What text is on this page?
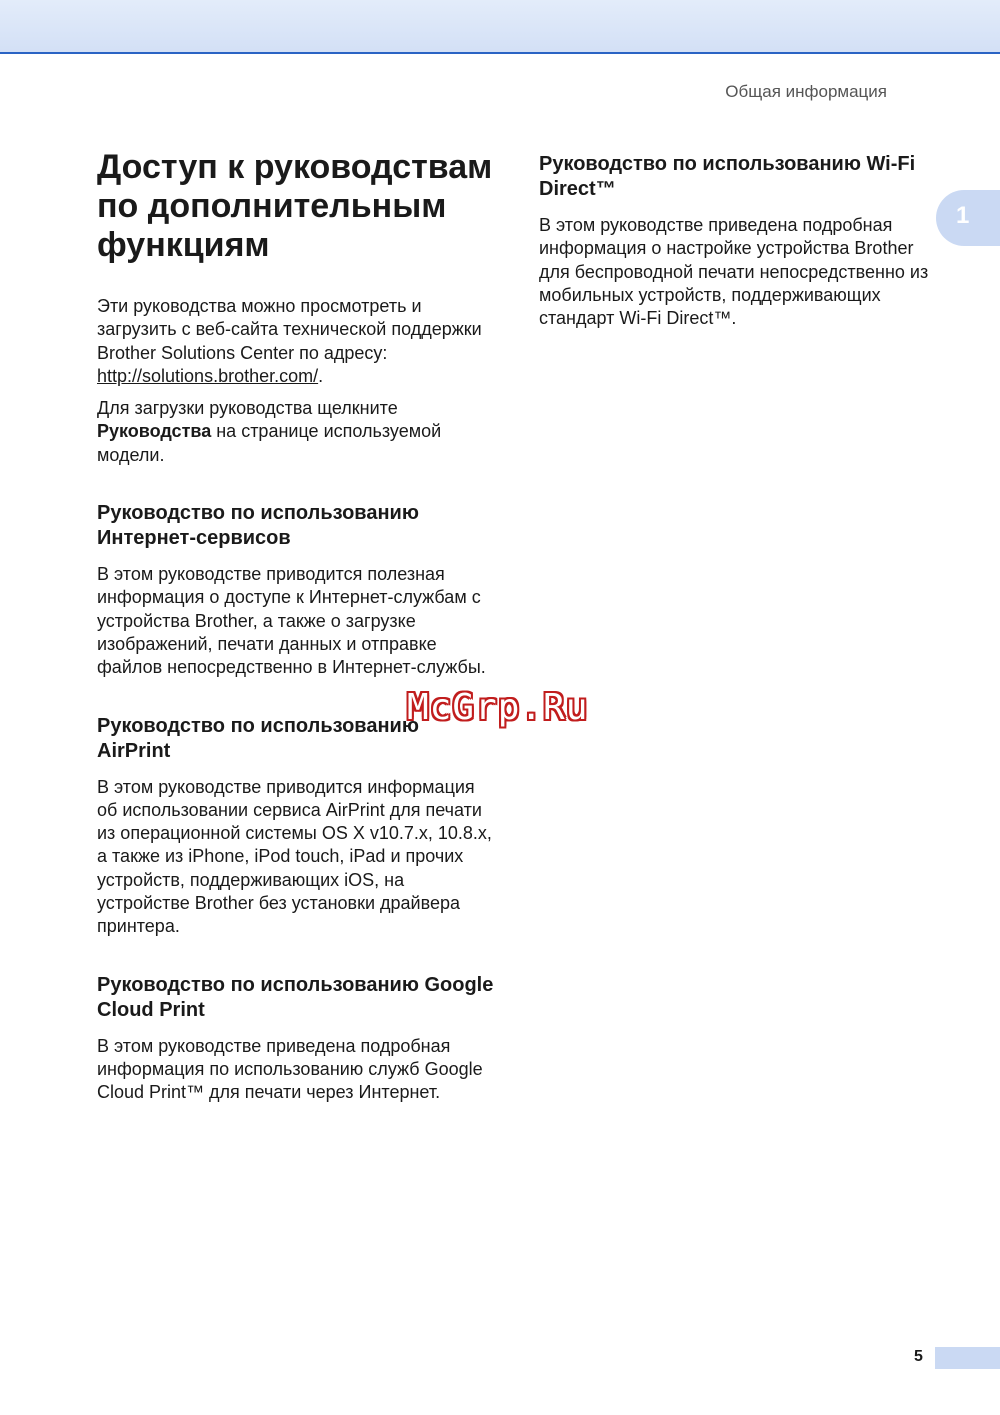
Общая информация
1
Доступ к руководствам по дополнительным функциям

Эти руководства можно просмотреть и загрузить с веб-сайта технической поддержки Brother Solutions Center по адресу: http://solutions.brother.com/.

Для загрузки руководства щелкните Руководства на странице используемой модели.

Руководство по использованию Интернет-сервисов

В этом руководстве приводится полезная информация о доступе к Интернет-службам с устройства Brother, а также о загрузке изображений, печати данных и отправке файлов непосредственно в Интернет-службы.

Руководство по использованию AirPrint

В этом руководстве приводится информация об использовании сервиса AirPrint для печати из операционной системы OS X v10.7.x, 10.8.x, а также из iPhone, iPod touch, iPad и прочих устройств, поддерживающих iOS, на устройстве Brother без установки драйвера принтера.

Руководство по использованию Google Cloud Print

В этом руководстве приведена подробная информация по использованию служб Google Cloud Print™ для печати через Интернет.

Руководство по использованию Wi-Fi Direct™

В этом руководстве приведена подробная информация о настройке устройства Brother для беспроводной печати непосредственно из мобильных устройств, поддерживающих стандарт Wi-Fi Direct™.

McGrp.Ru
5
